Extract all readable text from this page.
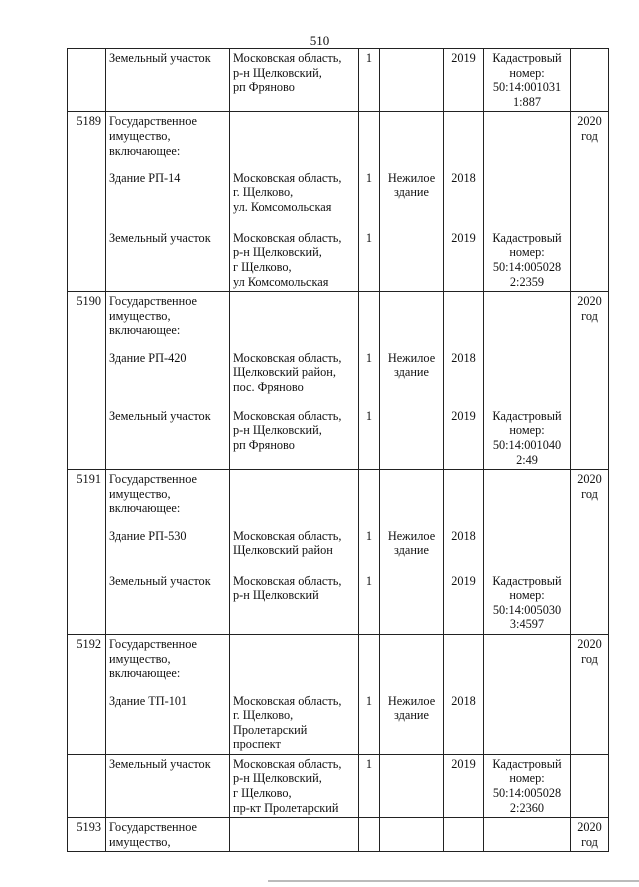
510
	Земельный участок	Московская область,
р-н Щелковский,
рп Фряново	1		2019	Кадастровый
номер:
50:14:001031
1:887	
5189	Государственное
имущество,
включающее:						2020
год
	Здание РП-14	Московская область,
г. Щелково,
ул. Комсомольская	1	Нежилое
здание	2018		
	Земельный участок	Московская область,
р-н Щелковский,
г Щелково,
ул Комсомольская	1		2019	Кадастровый
номер:
50:14:005028
2:2359	
5190	Государственное
имущество,
включающее:						2020
год
	Здание РП-420	Московская область,
Щелковский район,
пос. Фряново	1	Нежилое
здание	2018		
	Земельный участок	Московская область,
р-н Щелковский,
рп Фряново	1		2019	Кадастровый
номер:
50:14:001040
2:49	
5191	Государственное
имущество,
включающее:						2020
год
	Здание РП-530	Московская область,
Щелковский район	1	Нежилое
здание	2018		
	Земельный участок	Московская область,
р-н Щелковский	1		2019	Кадастровый
номер:
50:14:005030
3:4597	
5192	Государственное
имущество,
включающее:						2020
год
	Здание ТП-101	Московская область,
г. Щелково,
Пролетарский
проспект	1	Нежилое
здание	2018		
	Земельный участок	Московская область,
р-н Щелковский,
г Щелково,
пр-кт Пролетарский	1		2019	Кадастровый
номер:
50:14:005028
2:2360	
5193	Государственное
имущество,						2020
год
